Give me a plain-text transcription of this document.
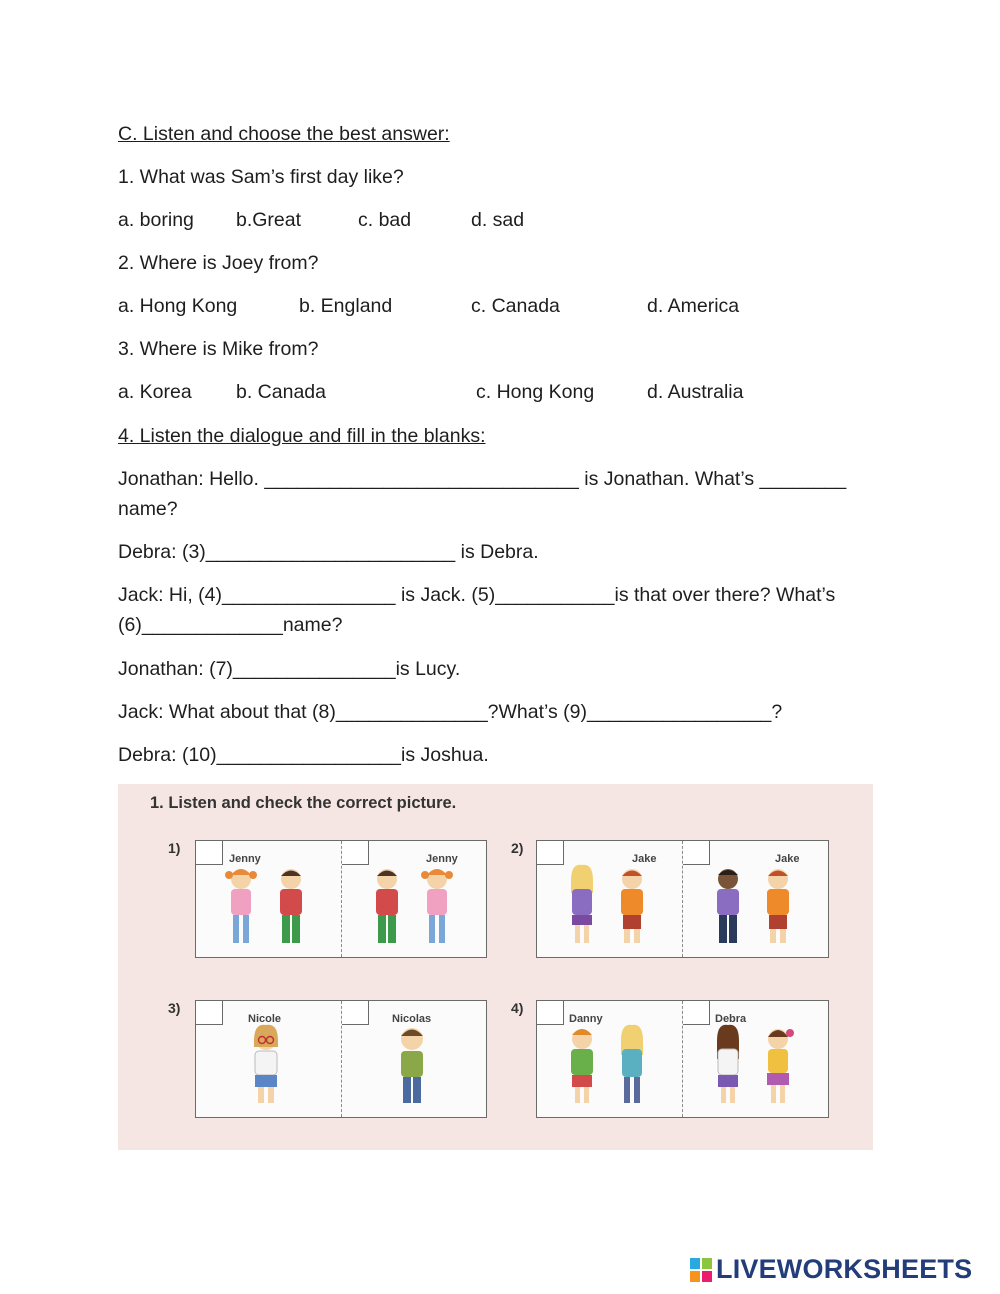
C. Listen and choose the best answer:
1. What was Sam’s first day like?
a. boring b.Great	c. bad	d. sad
2. Where is Joey from?
a. Hong Kong	b. England	c. Canada	d. America
3. Where is Mike from?
a. Korea b. Canada	c. Hong Kong	d. Australia
4. Listen the dialogue and fill in the blanks:
Jonathan: Hello. _____________________________ is Jonathan. What’s ________ name?
Debra: (3)_______________________ is Debra.
Jack: Hi, (4)________________ is Jack. (5)___________is that over there? What’s (6)_____________name?
Jonathan: (7)_______________is Lucy.
Jack: What about that (8)______________?What’s (9)_________________?
Debra: (10)_________________is Joshua.
1. Listen and check the correct picture.
1)
Jenny	Jenny
2)
Jake	Jake
3)
Nicole	Nicolas
4)
Danny	Debra
LIVEWORKSHEETS
